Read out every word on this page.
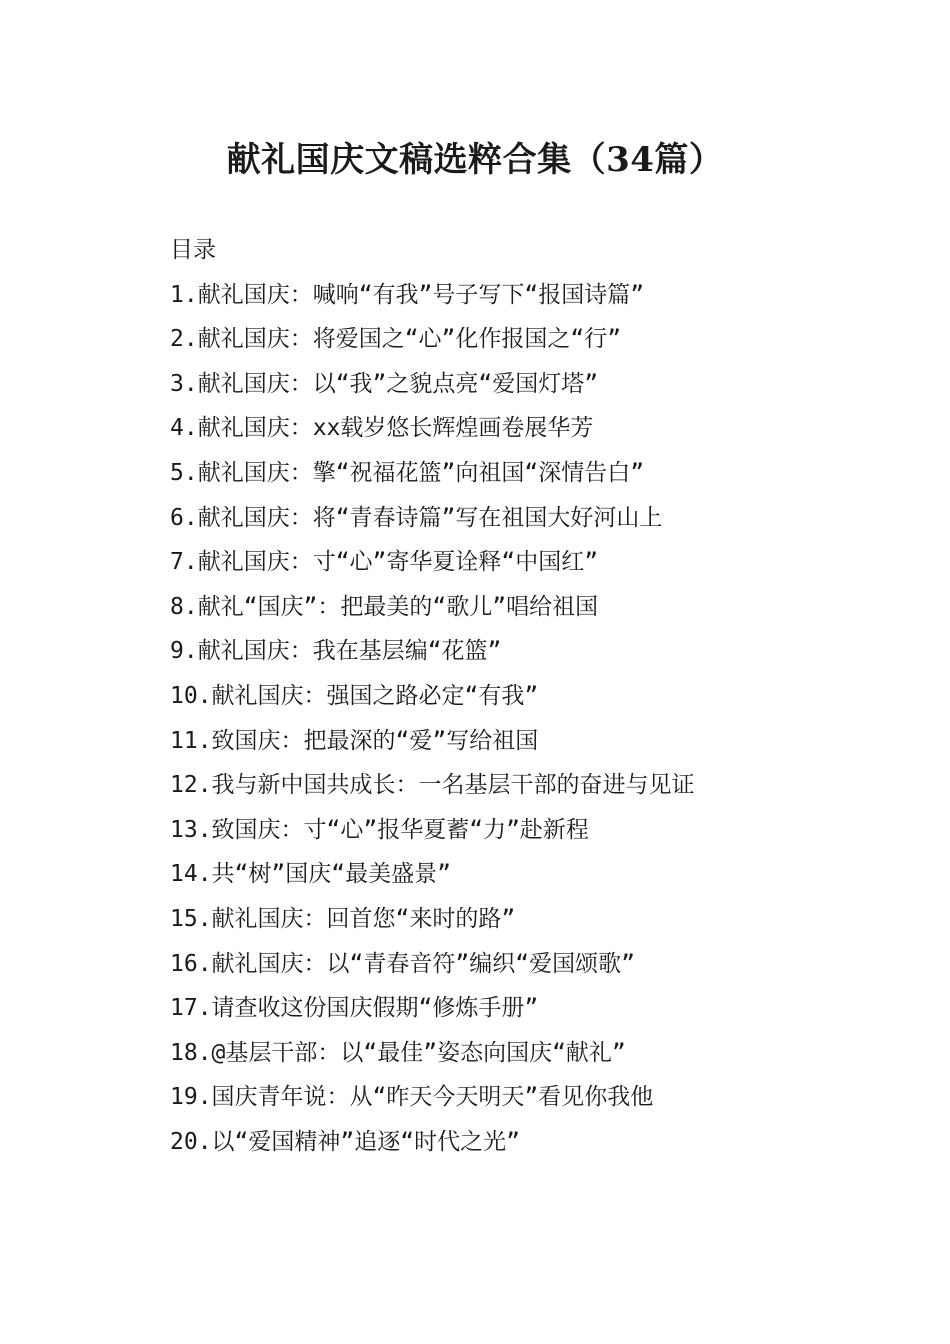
献礼国庆文稿选粹合集（34篇）
目录
1.献礼国庆：喊响“有我”号子写下“报国诗篇”
2.献礼国庆：将爱国之“心”化作报国之“行”
3.献礼国庆：以“我”之貌点亮“爱国灯塔”
4.献礼国庆：xx载岁悠长辉煌画卷展华芳
5.献礼国庆：擎“祝福花篮”向祖国“深情告白”
6.献礼国庆：将“青春诗篇”写在祖国大好河山上
7.献礼国庆：寸“心”寄华夏诠释“中国红”
8.献礼“国庆”：把最美的“歌儿”唱给祖国
9.献礼国庆：我在基层编“花篮”
10.献礼国庆：强国之路必定“有我”
11.致国庆：把最深的“爱”写给祖国
12.我与新中国共成长：一名基层干部的奋进与见证
13.致国庆：寸“心”报华夏蓄“力”赴新程
14.共“树”国庆“最美盛景”
15.献礼国庆：回首您“来时的路”
16.献礼国庆：以“青春音符”编织“爱国颂歌”
17.请查收这份国庆假期“修炼手册”
18.@基层干部：以“最佳”姿态向国庆“献礼”
19.国庆青年说：从“昨天今天明天”看见你我他
20.以“爱国精神”追逐“时代之光”
